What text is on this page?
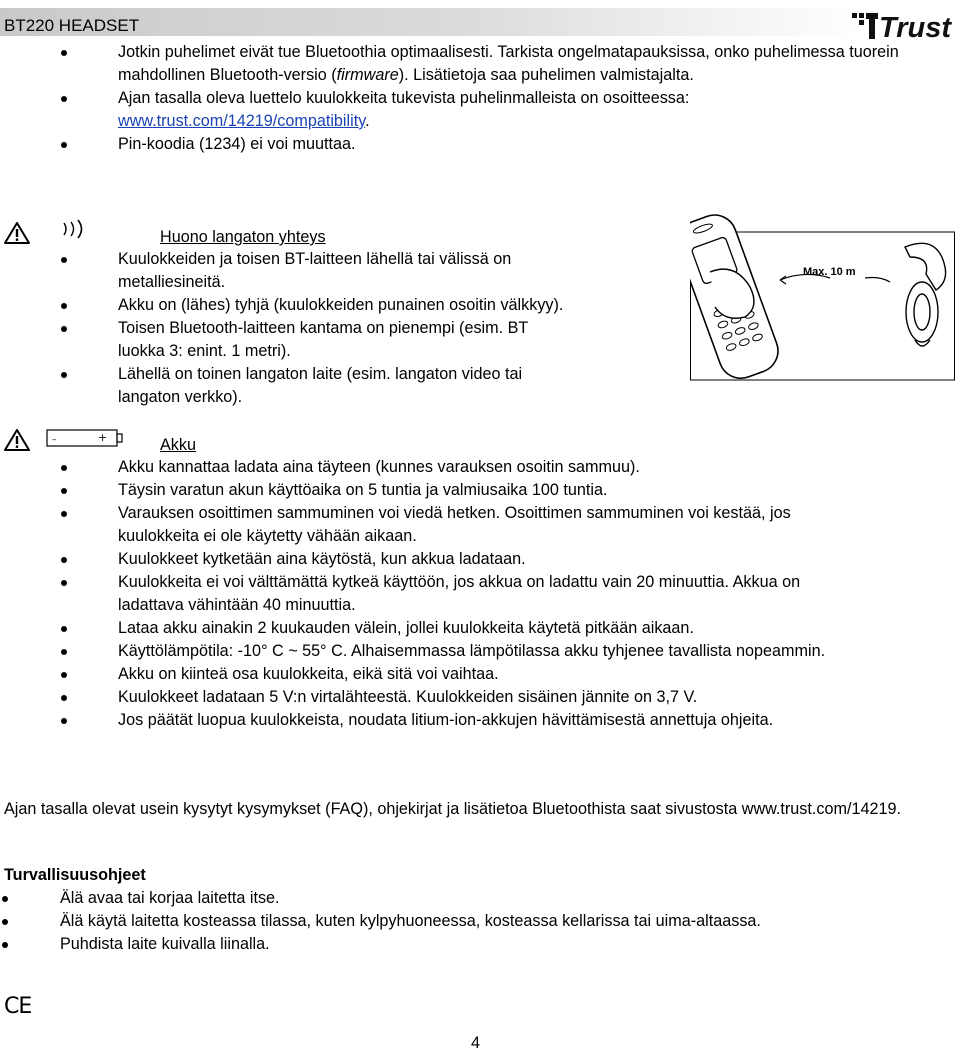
BT220 HEADSET	Trust
Jotkin puhelimet eivät tue Bluetoothia optimaalisesti. Tarkista ongelmatapauksissa, onko puhelimessa tuorein mahdollinen Bluetooth-versio (firmware). Lisätietoja saa puhelimen valmistajalta.
Ajan tasalla oleva luettelo kuulokkeita tukevista puhelinmalleista on osoitteessa: www.trust.com/14219/compatibility.
Pin-koodia (1234) ei voi muuttaa.
Huono langaton yhteys
Kuulokkeiden ja toisen BT-laitteen lähellä tai välissä on metalliesineitä.
Akku on (lähes) tyhjä (kuulokkeiden punainen osoitin välkkyy).
Toisen Bluetooth-laitteen kantama on pienempi (esim. BT luokka 3: enint. 1 metri).
Lähellä on toinen langaton laite (esim. langaton video tai langaton verkko).
Max. 10 m
–	+	Akku
Akku kannattaa ladata aina täyteen (kunnes varauksen osoitin sammuu).
Täysin varatun akun käyttöaika on 5 tuntia ja valmiusaika 100 tuntia.
Varauksen osoittimen sammuminen voi viedä hetken. Osoittimen sammuminen voi kestää, jos kuulokkeita ei ole käytetty vähään aikaan.
Kuulokkeet kytketään aina käytöstä, kun akkua ladataan.
Kuulokkeita ei voi välttämättä kytkeä käyttöön, jos akkua on ladattu vain 20 minuuttia. Akkua on ladattava vähintään 40 minuuttia.
Lataa akku ainakin 2 kuukauden välein, jollei kuulokkeita käytetä pitkään aikaan.
Käyttölämpötila: -10° C ~ 55° C. Alhaisemmassa lämpötilassa akku tyhjenee tavallista nopeammin.
Akku on kiinteä osa kuulokkeita, eikä sitä voi vaihtaa.
Kuulokkeet ladataan 5 V:n virtalähteestä. Kuulokkeiden sisäinen jännite on 3,7 V.
Jos päätät luopua kuulokkeista, noudata litium-ion-akkujen hävittämisestä annettuja ohjeita.
Ajan tasalla olevat usein kysytyt kysymykset (FAQ), ohjekirjat ja lisätietoa Bluetoothista saat sivustosta www.trust.com/14219.
Turvallisuusohjeet
Älä avaa tai korjaa laitetta itse.
Älä käytä laitetta kosteassa tilassa, kuten kylpyhuoneessa, kosteassa kellarissa tai uima-altaassa.
Puhdista laite kuivalla liinalla.
CE
4
